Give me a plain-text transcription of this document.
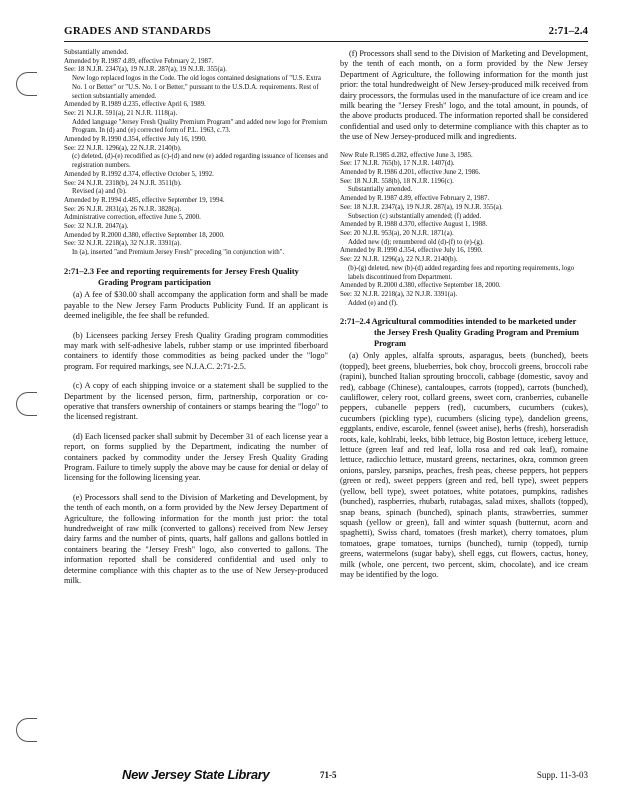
GRADES AND STANDARDS	2:71–2.4

Substantially amended.

Amended by R.1987 d.89, effective February 2, 1987.

See: 18 N.J.R. 2347(a), 19 N.J.R. 287(a), 19 N.J.R. 355(a).

New logo replaced logos in the Code. The old logos contained designations of "U.S. Extra No. 1 or Better" or "U.S. No. 1 or Better," pursuant to the U.S.D.A. requirements. Rest of section substantially amended.

Amended by R.1989 d.235, effective April 6, 1989.

See: 21 N.J.R. 591(a), 21 N.J.R. 1118(a).

Added language "Jersey Fresh Quality Premium Program" and added new logo for Premium Program. In (d) and (e) corrected form of P.L. 1963, c.73.

Amended by R.1990 d.354, effective July 16, 1990.

See: 22 N.J.R. 1296(a), 22 N.J.R. 2140(b).

(c) deleted, (d)-(e) recodified as (c)-(d) and new (e) added regarding issuance of licenses and registration numbers.

Amended by R.1992 d.374, effective October 5, 1992.

See: 24 N.J.R. 2318(b), 24 N.J.R. 3511(b).

Revised (a) and (b).

Amended by R.1994 d.485, effective September 19, 1994.

See: 26 N.J.R. 2831(a), 26 N.J.R. 3828(a).

Administrative correction, effective June 5, 2000.

See: 32 N.J.R. 2047(a).

Amended by R.2000 d.380, effective September 18, 2000.

See: 32 N.J.R. 2218(a), 32 N.J.R. 3391(a).

In (a), inserted "and Premium Jersey Fresh" preceding "in conjunction with".

2:71–2.3 Fee and reporting requirements for Jersey Fresh Quality Grading Program participation

(a) A fee of $30.00 shall accompany the application form and shall be made payable to the New Jersey Farm Products Publicity Fund. If an applicant is deemed ineligible, the fee shall be refunded.

(b) Licensees packing Jersey Fresh Quality Grading program commodities may mark with self-adhesive labels, rubber stamp or use imprinted fiberboard containers to identify those commodities as being packed under the "logo" program. For required markings, see N.J.A.C. 2:71-2.5.

(c) A copy of each shipping invoice or a statement shall be supplied to the Department by the licensed person, firm, partnership, corporation or co-operative that transfers ownership of containers or stamps bearing the "logo" to the licensed registrant.

(d) Each licensed packer shall submit by December 31 of each license year a report, on forms supplied by the Department, indicating the number of containers packed by commodity under the Jersey Fresh Quality Grading Program. Failure to timely supply the above may be cause for denial or delay of licensing for the following licensing year.

(e) Processors shall send to the Division of Marketing and Development, by the tenth of each month, on a form provided by the New Jersey Department of Agriculture, the following information for the month just prior: the total hundredweight of raw milk (converted to gallons) received from New Jersey dairy farms and the number of pints, quarts, half gallons and gallons bottled in containers bearing the "Jersey Fresh" logo, also converted to gallons. The information reported shall be considered confidential and used only to determine compliance with this chapter as to the use of New Jersey-produced milk.

(f) Processors shall send to the Division of Marketing and Development, by the tenth of each month, on a form provided by the New Jersey Department of Agriculture, the following information for the month just prior: the total hundredweight of New Jersey-produced milk received from dairy processors, the formulas used in the manufacture of ice cream and ice milk bearing the "Jersey Fresh" logo, and the total amount, in pounds, of the above products produced. The information reported shall be considered confidential and used only to determine compliance with this chapter as to the use of New Jersey-produced milk and ingredients.

New Rule R.1985 d.282, effective June 3, 1985.

See: 17 N.J.R. 765(b), 17 N.J.R. 1407(d).

Amended by R.1986 d.201, effective June 2, 1986.

See: 18 N.J.R. 558(b), 18 N.J.R. 1196(c).

Substantially amended.

Amended by R.1987 d.89, effective February 2, 1987.

See: 18 N.J.R. 2347(a), 19 N.J.R. 287(a), 19 N.J.R. 355(a).

Subsection (c) substantially amended; (f) added.

Amended by R.1988 d.370, effective August 1, 1988.

See: 20 N.J.R. 953(a), 20 N.J.R. 1871(a).

Added new (d); renumbered old (d)-(f) to (e)-(g).

Amended by R.1990 d.354, effective July 16, 1990.

See: 22 N.J.R. 1296(a), 22 N.J.R. 2140(b).

(b)-(g) deleted, new (b)-(d) added regarding fees and reporting requirements, logo labels discontinued from Department.

Amended by R.2000 d.380, effective September 18, 2000.

See: 32 N.J.R. 2218(a), 32 N.J.R. 3391(a).

Added (e) and (f).

2:71–2.4 Agricultural commodities intended to be marketed under the Jersey Fresh Quality Grading Program and Premium Program

(a) Only apples, alfalfa sprouts, asparagus, beets (bunched), beets (topped), beet greens, blueberries, bok choy, broccoli greens, broccoli rabe (rapini), bunched Italian sprouting broccoli, cabbage (domestic, savoy and red), cabbage (Chinese), cantaloupes, carrots (topped), carrots (bunched), cauliflower, celery root, collard greens, sweet corn, cranberries, cubanelle peppers, cubanelle peppers (red), cucumbers, cucumbers (cukes), cucumbers (pickling type), cucumbers (slicing type), dandelion greens, eggplants, endive, escarole, fennel (sweet anise), herbs (fresh), horseradish roots, kale, kohlrabi, leeks, bibb lettuce, big Boston lettuce, iceberg lettuce, lettuce (green leaf and red leaf, lolla rosa and red oak leaf), romaine lettuce, radicchio lettuce, mustard greens, nectarines, okra, common green onions, parsley, parsnips, peaches, fresh peas, cheese peppers, hot peppers (green or red), sweet peppers (green and red, bell type), sweet peppers (yellow, bell type), sweet potatoes, white potatoes, pumpkins, radishes (bunched), raspberries, rhubarb, rutabagas, salad mixes, shallots (topped), snap beans, spinach (bunched), spinach plants, strawberries, summer squash (yellow or green), fall and winter squash (butternut, acorn and spaghetti), Swiss chard, tomatoes (fresh market), cherry tomatoes, plum tomatoes, grape tomatoes, turnips (bunched), turnip (topped), turnip greens, watermelons (sugar baby), shell eggs, cut flowers, cactus, honey, milk (whole, one percent, two percent, skim, chocolate), and ice cream may be identified by the logo.

New Jersey State Library	71-5	Supp. 11-3-03
